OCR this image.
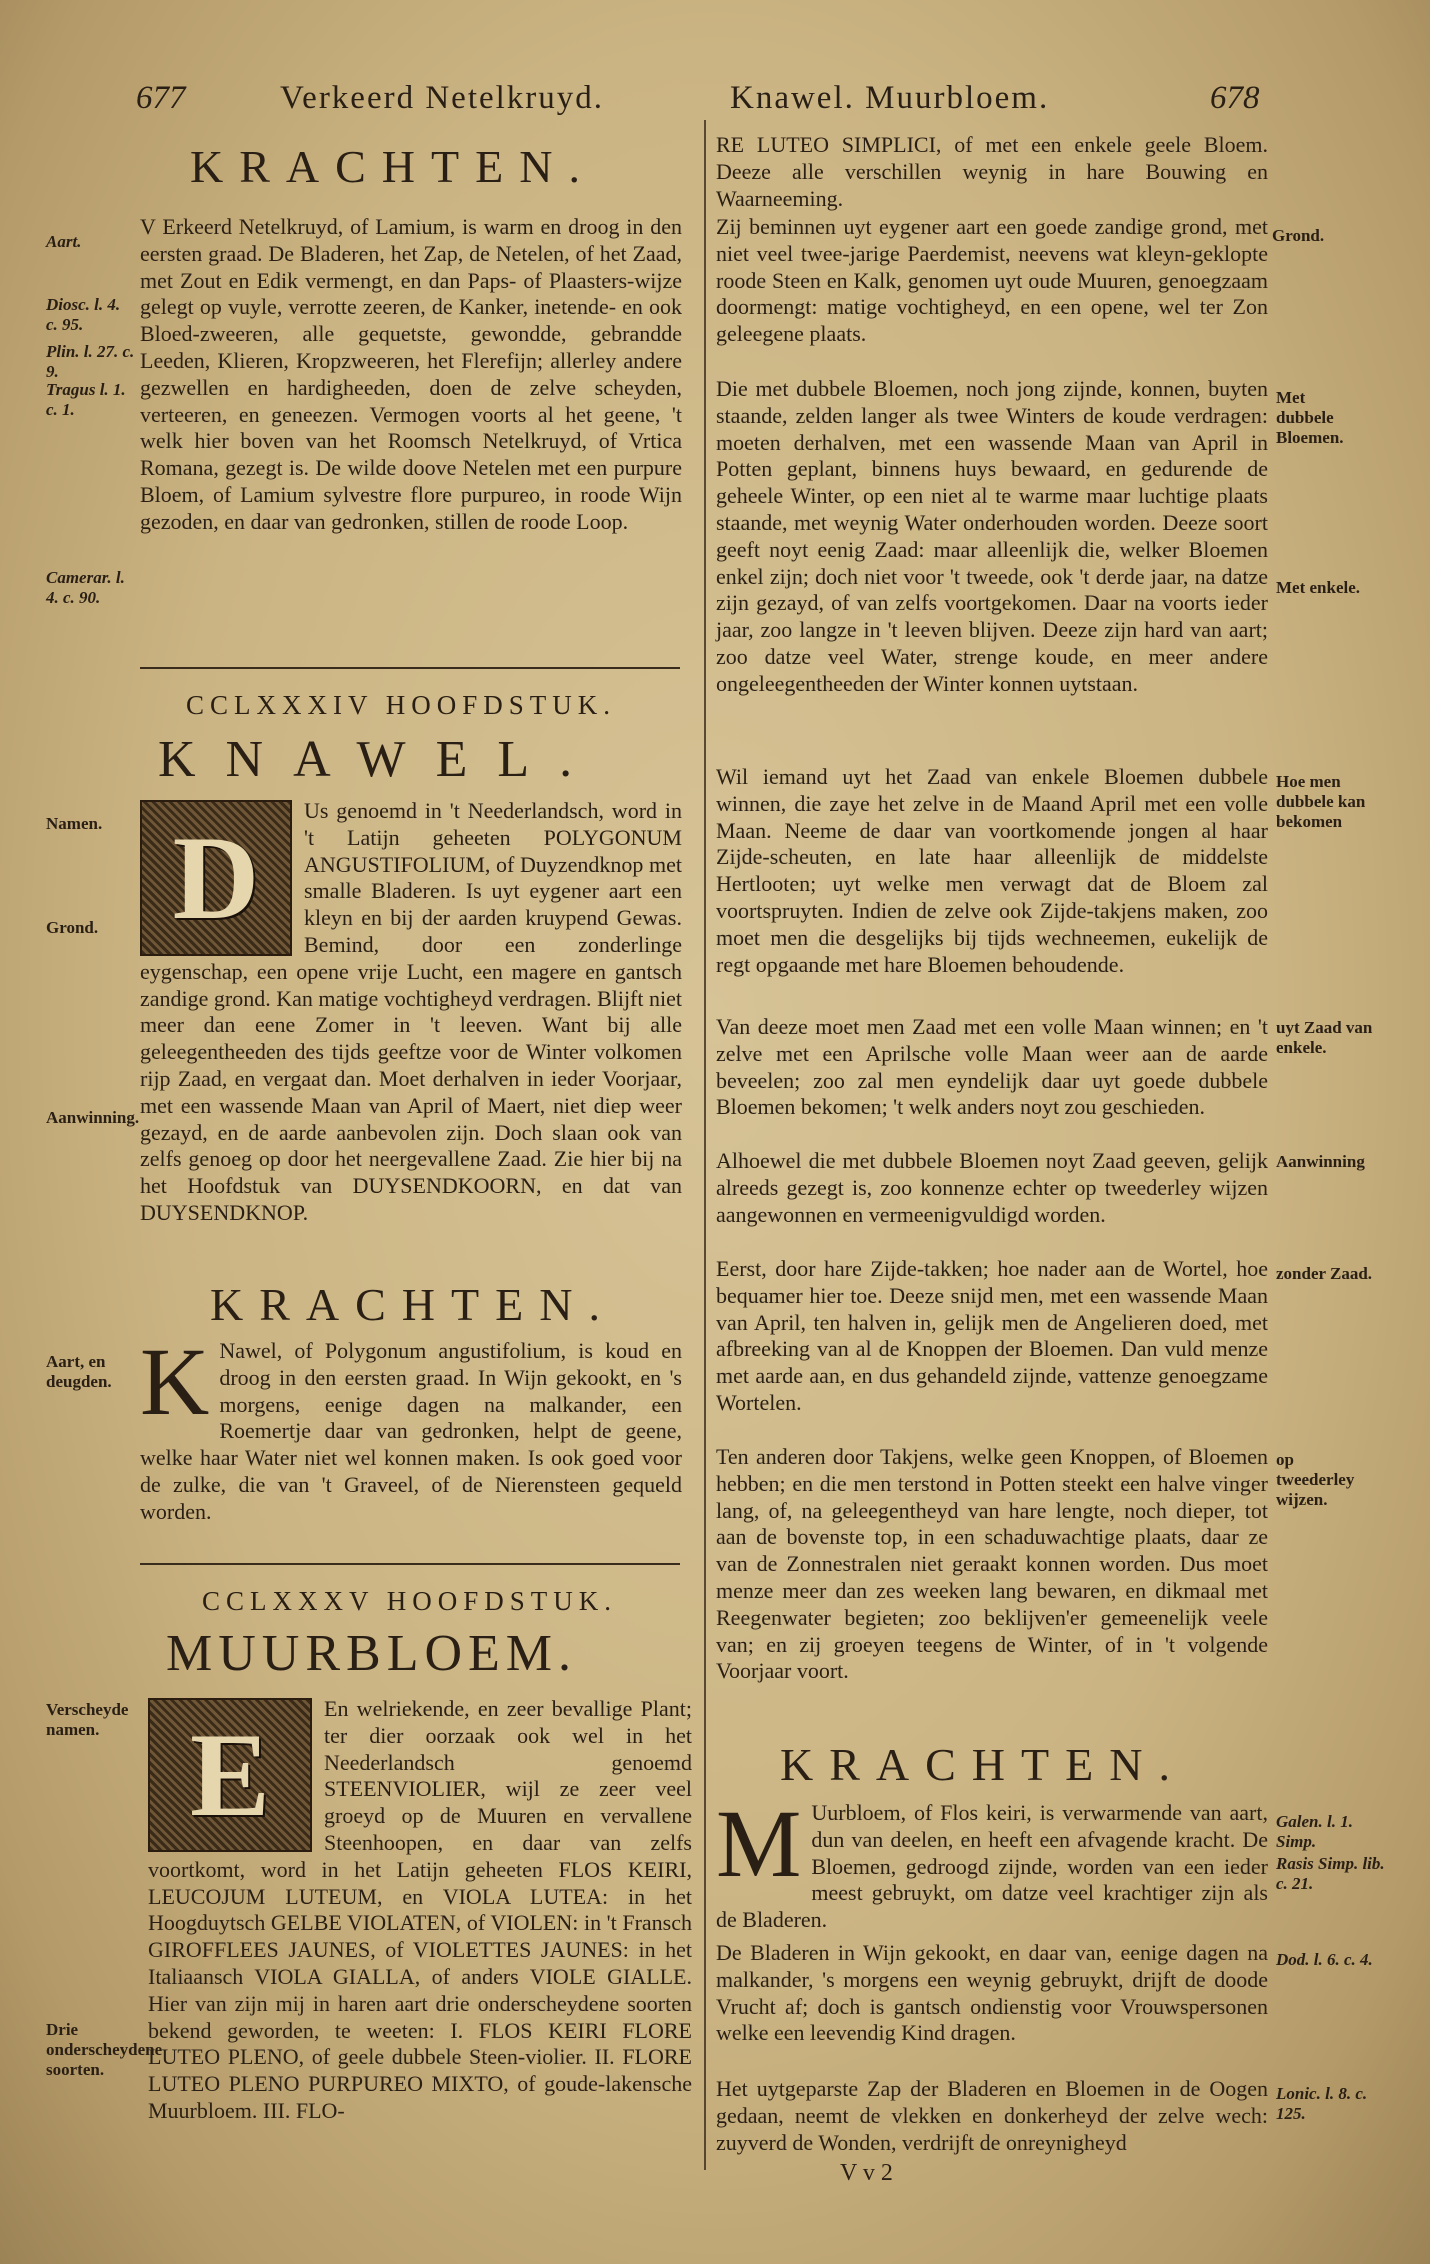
677	Verkeerd Netelkruyd.	Knawel. Muurbloem.	678
KRACHTEN.
Aart.
Diosc. l. 4. c. 95.
Plin. l. 27. c. 9.
Tragus l. 1. c. 1.
Camerar. l. 4. c. 90.
V Erkeerd Netelkruyd, of Lamium, is warm en droog in den eersten graad. De Bladeren, het Zap, de Netelen, of het Zaad, met Zout en Edik vermengt, en dan Paps- of Plaasters-wijze gelegt op vuyle, verrotte zeeren, de Kanker, inetende- en ook Bloed-zweeren, alle gequetste, gewondde, gebrandde Leeden, Klieren, Kropzweeren, het Flerefijn; allerley andere gezwellen en hardigheeden, doen de zelve scheyden, verteeren, en geneezen. Vermogen voorts al het geene, 't welk hier boven van het Roomsch Netelkruyd, of Vrtica Romana, gezegt is. De wilde doove Netelen met een purpure Bloem, of Lamium sylvestre flore purpureo, in roode Wijn gezoden, en daar van gedronken, stillen de roode Loop.
CCLXXXIV HOOFDSTUK.
KNAWEL.
Namen.
Grond.
Aanwinning.
D
Us genoemd in 't Neederlandsch, word in 't Latijn geheeten POLYGONUM ANGUSTIFOLIUM, of Duyzendknop met smalle Bladeren. Is uyt eygener aart een kleyn en bij der aarden kruypend Gewas. Bemind, door een zonderlinge eygenschap, een opene vrije Lucht, een magere en gantsch zandige grond. Kan matige vochtigheyd verdragen. Blijft niet meer dan eene Zomer in 't leeven. Want bij alle geleegentheeden des tijds geeftze voor de Winter volkomen rijp Zaad, en vergaat dan. Moet derhalven in ieder Voorjaar, met een wassende Maan van April of Maert, niet diep weer gezayd, en de aarde aanbevolen zijn. Doch slaan ook van zelfs genoeg op door het neergevallene Zaad. Zie hier bij na het Hoofdstuk van DUYSENDKOORN, en dat van DUYSENDKNOP.
KRACHTEN.
Aart, en deugden. K Nawel, of Polygonum angustifolium, is koud en droog in den eersten graad. In Wijn gekookt, en 's morgens, eenige dagen na malkander, een Roemertje daar van gedronken, helpt de geene, welke haar Water niet wel konnen maken. Is ook goed voor de zulke, die van 't Graveel, of de Nierensteen gequeld worden.
CCLXXXV HOOFDSTUK.
MUURBLOEM.
Verscheyde namen.
Drie onderscheydene soorten.
E	En welriekende, en zeer bevallige Plant; ter dier oorzaak ook wel in het Neederlandsch genoemd STEENVIOLIER, wijl ze zeer veel groeyd op de Muuren en vervallene Steenhoopen, en daar van zelfs voortkomt, word in het Latijn geheeten FLOS KEIRI, LEUCOJUM LUTEUM, en VIOLA LUTEA: in het Hoogduytsch GELBE VIOLATEN, of VIOLEN: in 't Fransch GIROFFLEES JAUNES, of VIOLETTES JAUNES: in het Italiaansch VIOLA GIALLA, of anders VIOLE GIALLE. Hier van zijn mij in haren aart drie onderscheydene soorten bekend geworden, te weeten: I. FLOS KEIRI FLORE LUTEO PLENO, of geele dubbele Steen-violier. II. FLORE LUTEO PLENO PURPUREO MIXTO, of goude-lakensche Muurbloem. III. FLO-
RE LUTEO SIMPLICI, of met een enkele geele Bloem. Deeze alle verschillen weynig in hare Bouwing en Waarneeming.
Grond.
Zij beminnen uyt eygener aart een goede zandige grond, met niet veel twee-jarige Paerdemist, neevens wat kleyn-geklopte roode Steen en Kalk, genomen uyt oude Muuren, genoegzaam doormengt: matige vochtigheyd, en een opene, wel ter Zon geleegene plaats.
Met dubbele Bloemen.
Met enkele.
Die met dubbele Bloemen, noch jong zijnde, konnen, buyten staande, zelden langer als twee Winters de koude verdragen: moeten derhalven, met een wassende Maan van April in Potten geplant, binnens huys bewaard, en gedurende de geheele Winter, op een niet al te warme maar luchtige plaats staande, met weynig Water onderhouden worden. Deeze soort geeft noyt eenig Zaad: maar alleenlijk die, welker Bloemen enkel zijn; doch niet voor 't tweede, ook 't derde jaar, na datze zijn gezayd, of van zelfs voortgekomen. Daar na voorts ieder jaar, zoo langze in 't leeven blijven. Deeze zijn hard van aart; zoo datze veel Water, strenge koude, en meer andere ongeleegentheeden der Winter konnen uytstaan.
Hoe men dubbele kan bekomen
Wil iemand uyt het Zaad van enkele Bloemen dubbele winnen, die zaye het zelve in de Maand April met een volle Maan. Neeme de daar van voortkomende jongen al haar Zijde-scheuten, en late haar alleenlijk de middelste Hertlooten; uyt welke men verwagt dat de Bloem zal voortspruyten. Indien de zelve ook Zijde-takjens maken, zoo moet men die desgelijks bij tijds wechneemen, eukelijk de regt opgaande met hare Bloemen behoudende.
uyt Zaad van enkele.
Van deeze moet men Zaad met een volle Maan winnen; en 't zelve met een Aprilsche volle Maan weer aan de aarde beveelen; zoo zal men eyndelijk daar uyt goede dubbele Bloemen bekomen; 't welk anders noyt zou geschieden.
Aanwinning
Alhoewel die met dubbele Bloemen noyt Zaad geeven, gelijk alreeds gezegt is, zoo konnenze echter op tweederley wijzen aangewonnen en vermeenigvuldigd worden.
zonder Zaad.
Eerst, door hare Zijde-takken; hoe nader aan de Wortel, hoe bequamer hier toe. Deeze snijd men, met een wassende Maan van April, ten halven in, gelijk men de Angelieren doed, met afbreeking van al de Knoppen der Bloemen. Dan vuld menze met aarde aan, en dus gehandeld zijnde, vattenze genoegzame Wortelen.
op tweederley wijzen.
Ten anderen door Takjens, welke geen Knoppen, of Bloemen hebben; en die men terstond in Potten steekt een halve vinger lang, of, na geleegentheyd van hare lengte, noch dieper, tot aan de bovenste top, in een schaduwachtige plaats, daar ze van de Zonnestralen niet geraakt konnen worden. Dus moet menze meer dan zes weeken lang bewaren, en dikmaal met Reegenwater begieten; zoo beklijven'er gemeenelijk veele van; en zij groeyen teegens de Winter, of in 't volgende Voorjaar voort.
KRACHTEN.
Galen. l. 1. Simp.
Rasis Simp. lib. c. 21.
M Uurbloem, of Flos keiri, is verwarmende van aart, dun van deelen, en heeft een afvagende kracht. De Bloemen, gedroogd zijnde, worden van een ieder meest gebruykt, om datze veel krachtiger zijn als de Bladeren.
Dod. l. 6. c. 4.
De Bladeren in Wijn gekookt, en daar van, eenige dagen na malkander, 's morgens een weynig gebruykt, drijft de doode Vrucht af; doch is gantsch ondienstig voor Vrouwspersonen welke een leevendig Kind dragen.
Lonic. l. 8. c. 125.
Het uytgeparste Zap der Bladeren en Bloemen in de Oogen gedaan, neemt de vlekken en donkerheyd der zelve wech: zuyverd de Wonden, verdrijft de onreynigheyd
V v 2
